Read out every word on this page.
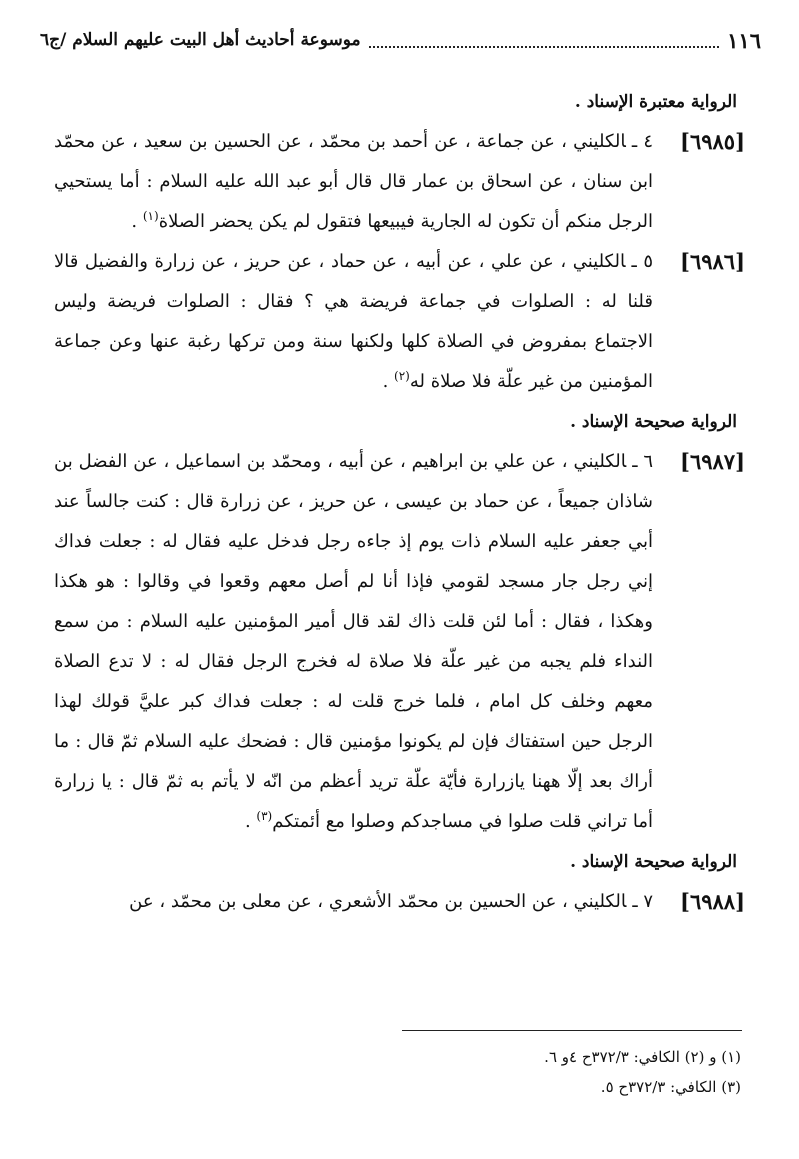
١١٦
موسوعة أحاديث أهل البيت عليهم السلام /ج٦
الرواية معتبرة الإسناد .
[٦٩٨٥]

٤ ـالكليني ، عن جماعة ، عن أحمد بن محمّد ، عن الحسين بن سعيد ، عن محمّد ابن سنان ، عن اسحاق بن عمار قال قال أبو عبد الله عليه السلام : أما يستحيي الرجل منكم أن تكون له الجارية فيبيعها فتقول لم يكن يحضر الصلاة$^{(١)}$ .

[٦٩٨٦]

٥ ـالكليني ، عن علي ، عن أبيه ، عن حماد ، عن حريز ، عن زرارة والفضيل قالا قلنا له : الصلوات في جماعة فريضة هي ؟ فقال : الصلوات فريضة وليس الاجتماع بمفروض في الصلاة كلها ولكنها سنة ومن تركها رغبة عنها وعن جماعة المؤمنين من غير علّة فلا صلاة له$^{(٢)}$ .

الرواية صحيحة الإسناد .
[٦٩٨٧]

٦ ـالكليني ، عن علي بن ابراهيم ، عن أبيه ، ومحمّد بن اسماعيل ، عن الفضل بن شاذان جميعاً ، عن حماد بن عيسى ، عن حريز ، عن زرارة قال : كنت جالساً عند أبي جعفر عليه السلام ذات يوم إذ جاءه رجل فدخل عليه فقال له : جعلت فداك إني رجل جار مسجد لقومي فإذا أنا لم أصل معهم وقعوا في وقالوا : هو هكذا وهكذا ، فقال : أما لئن قلت ذاك لقد قال أمير المؤمنين عليه السلام : من سمع النداء فلم يجبه من غير علّة فلا صلاة له فخرج الرجل فقال له : لا تدع الصلاة معهم وخلف كل امام ، فلما خرج قلت له : جعلت فداك كبر عليَّ قولك لهذا الرجل حين استفتاك فإن لم يكونوا مؤمنين قال : فضحك عليه السلام ثمّ قال : ما أراك بعد إلّا ههنا يازرارة فأيّة علّة تريد أعظم من انّه لا يأتم به ثمّ قال : يا زرارة أما تراني قلت صلوا في مساجدكم وصلوا مع أئمتكم$^{(٣)}$ .

الرواية صحيحة الإسناد .
[٦٩٨٨]

٧ ـالكليني ، عن الحسين بن محمّد الأشعري ، عن معلى بن محمّد ، عن

(١) و (٢) الكافي: ٣٧٢/٣ح ٤و ٦.
(٣) الكافي: ٣٧٢/٣ح ٥.
